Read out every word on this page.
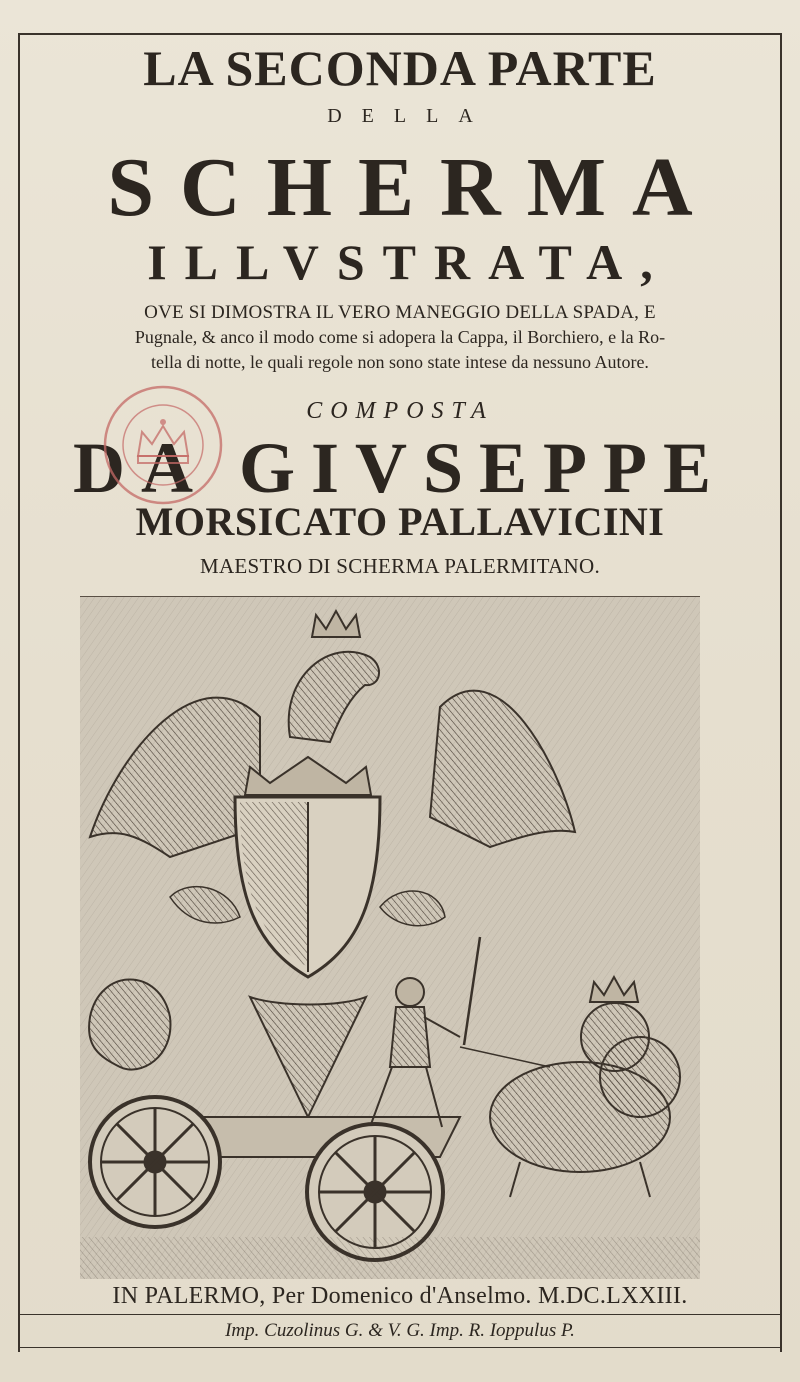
LA SECONDA PARTE
DELLA
SCHERMA
ILLVSTRATA,
OVE SI DIMOSTRA IL VERO MANEGGIO DELLA SPADA, E
Pugnale, & anco il modo come si adopera la Cappa, il Borchiero, e la Ro-
tella di notte, le quali regole non sono state intese da nessuno Autore.
COMPOSTA
DA GIVSEPPE
MORSICATO PALLAVICINI
MAESTRO DI SCHERMA PALERMITANO.
IN PALERMO, Per Domenico d'Anselmo. M.DC.LXXIII.
Imp. Cuzolinus G. & V. G. Imp. R. Ioppulus P.
